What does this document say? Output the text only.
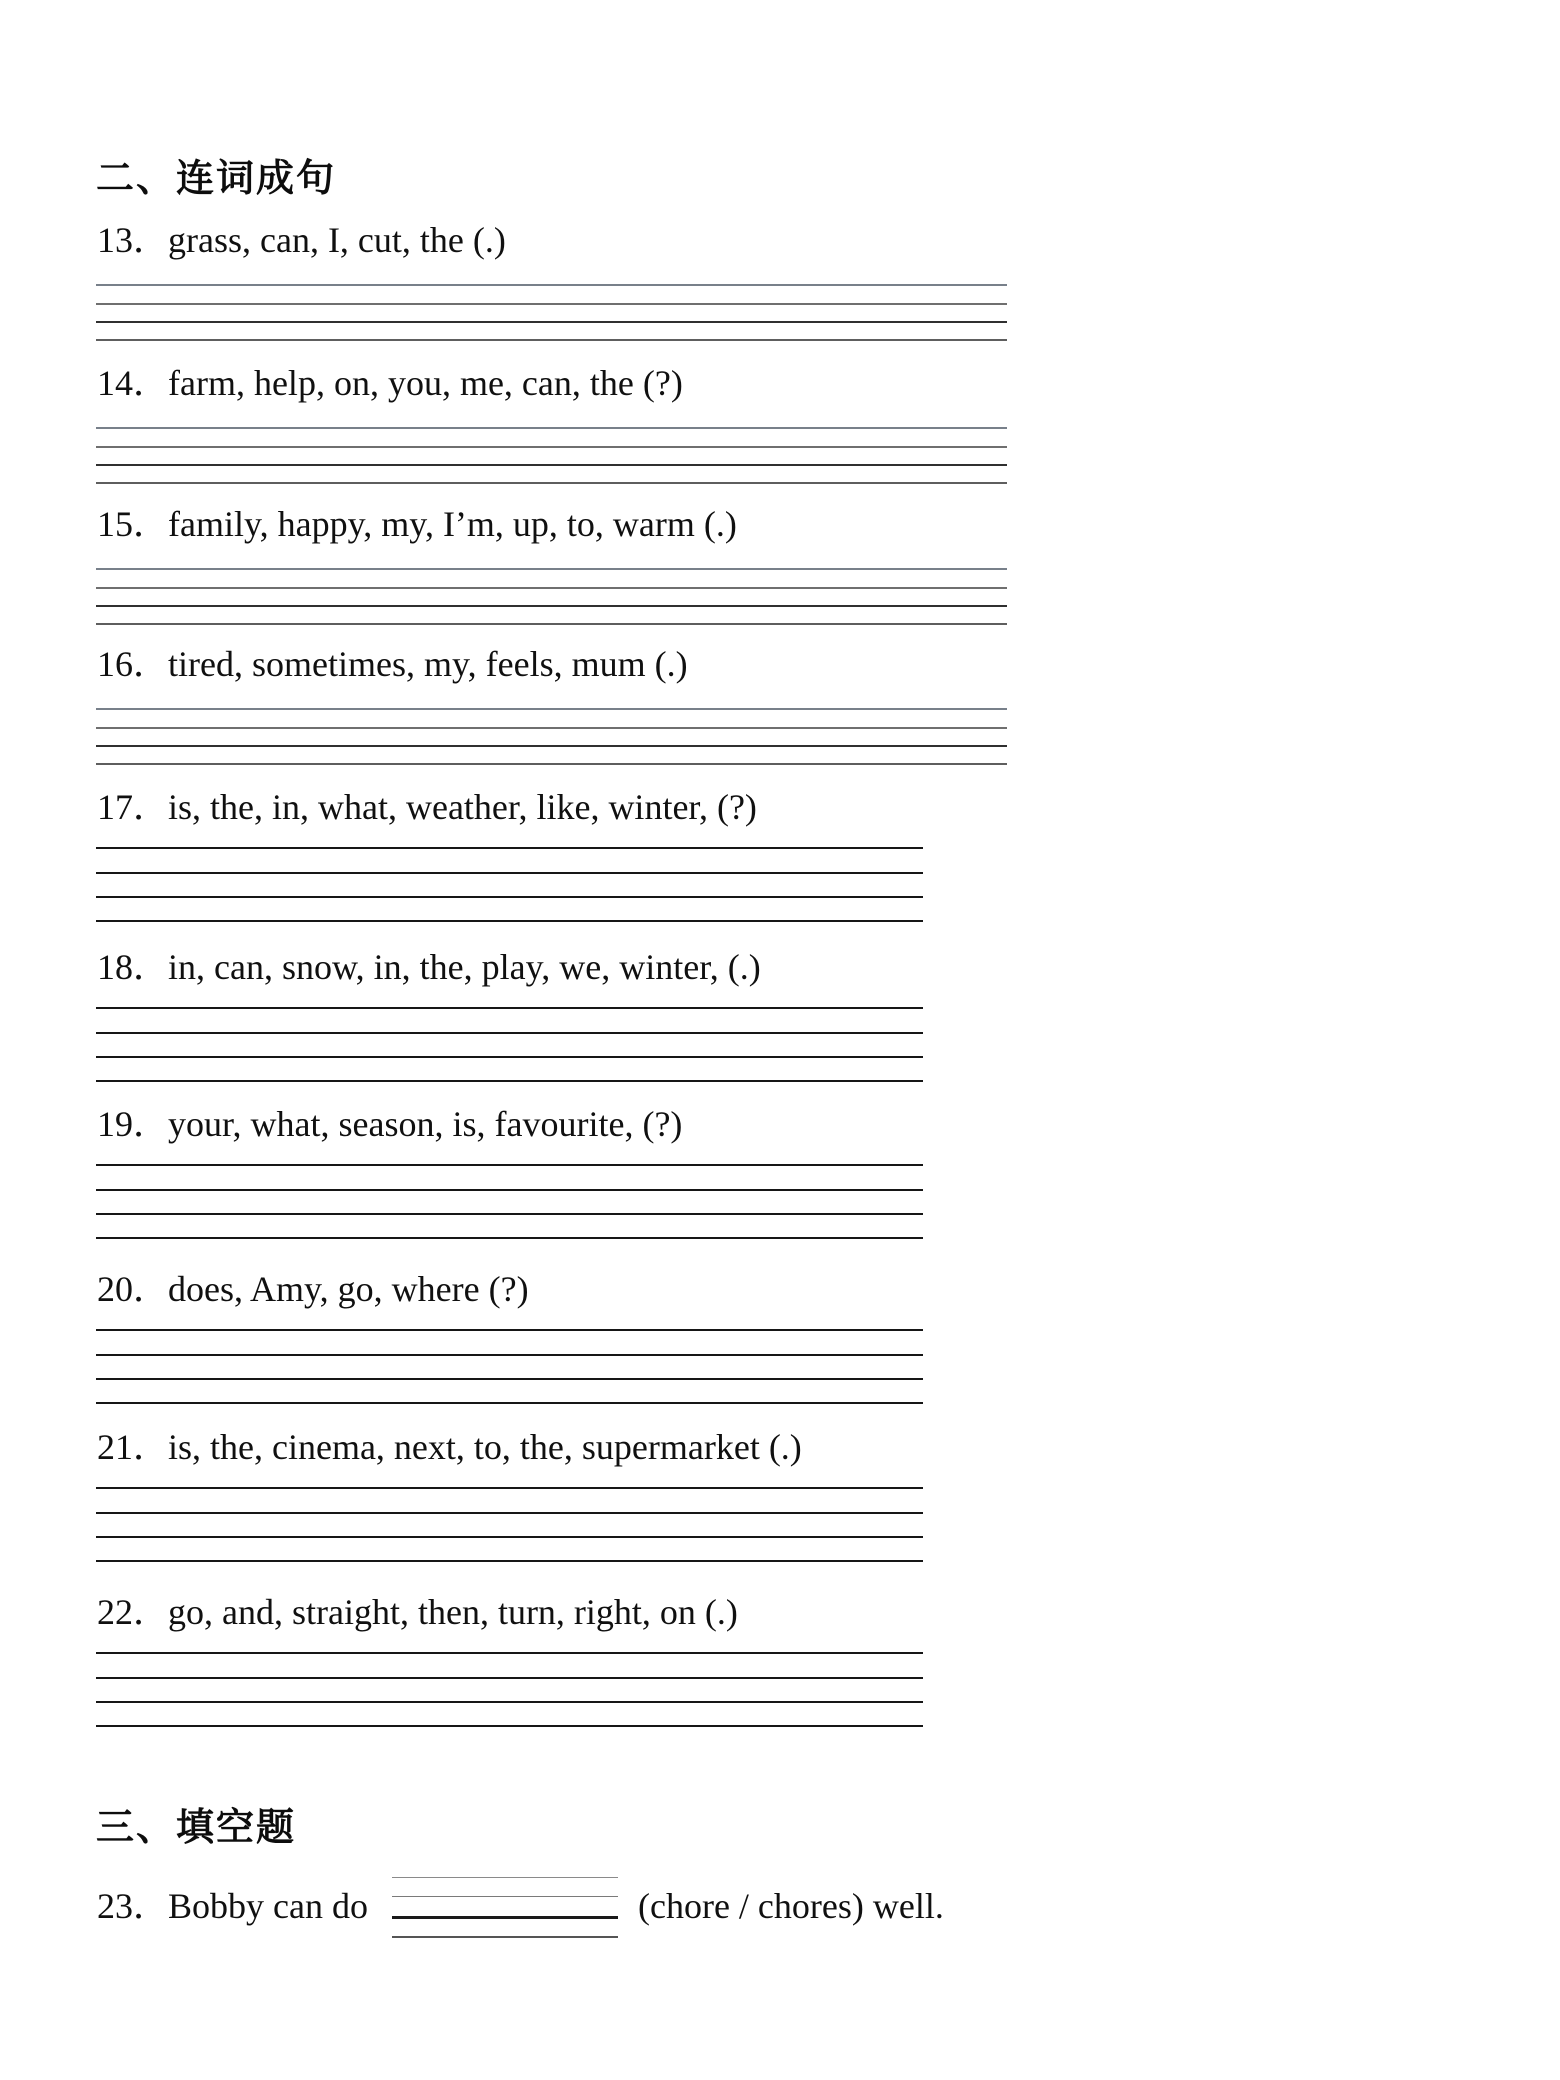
二、连词成句
13．grass, can, I, cut, the (.)
14．farm, help, on, you, me, can, the (?)
15．family, happy, my, I’m, up, to, warm (.)
16．tired, sometimes, my, feels, mum (.)
17．is, the, in, what, weather, like, winter, (?)
18．in, can, snow, in, the, play, we, winter, (.)
19．your, what, season, is, favourite, (?)
20．does, Amy, go, where (?)
21．is, the, cinema, next, to, the, supermarket (.)
22．go, and, straight, then, turn, right, on (.)
三、填空题
23．Bobby can do	(chore / chores) well.
